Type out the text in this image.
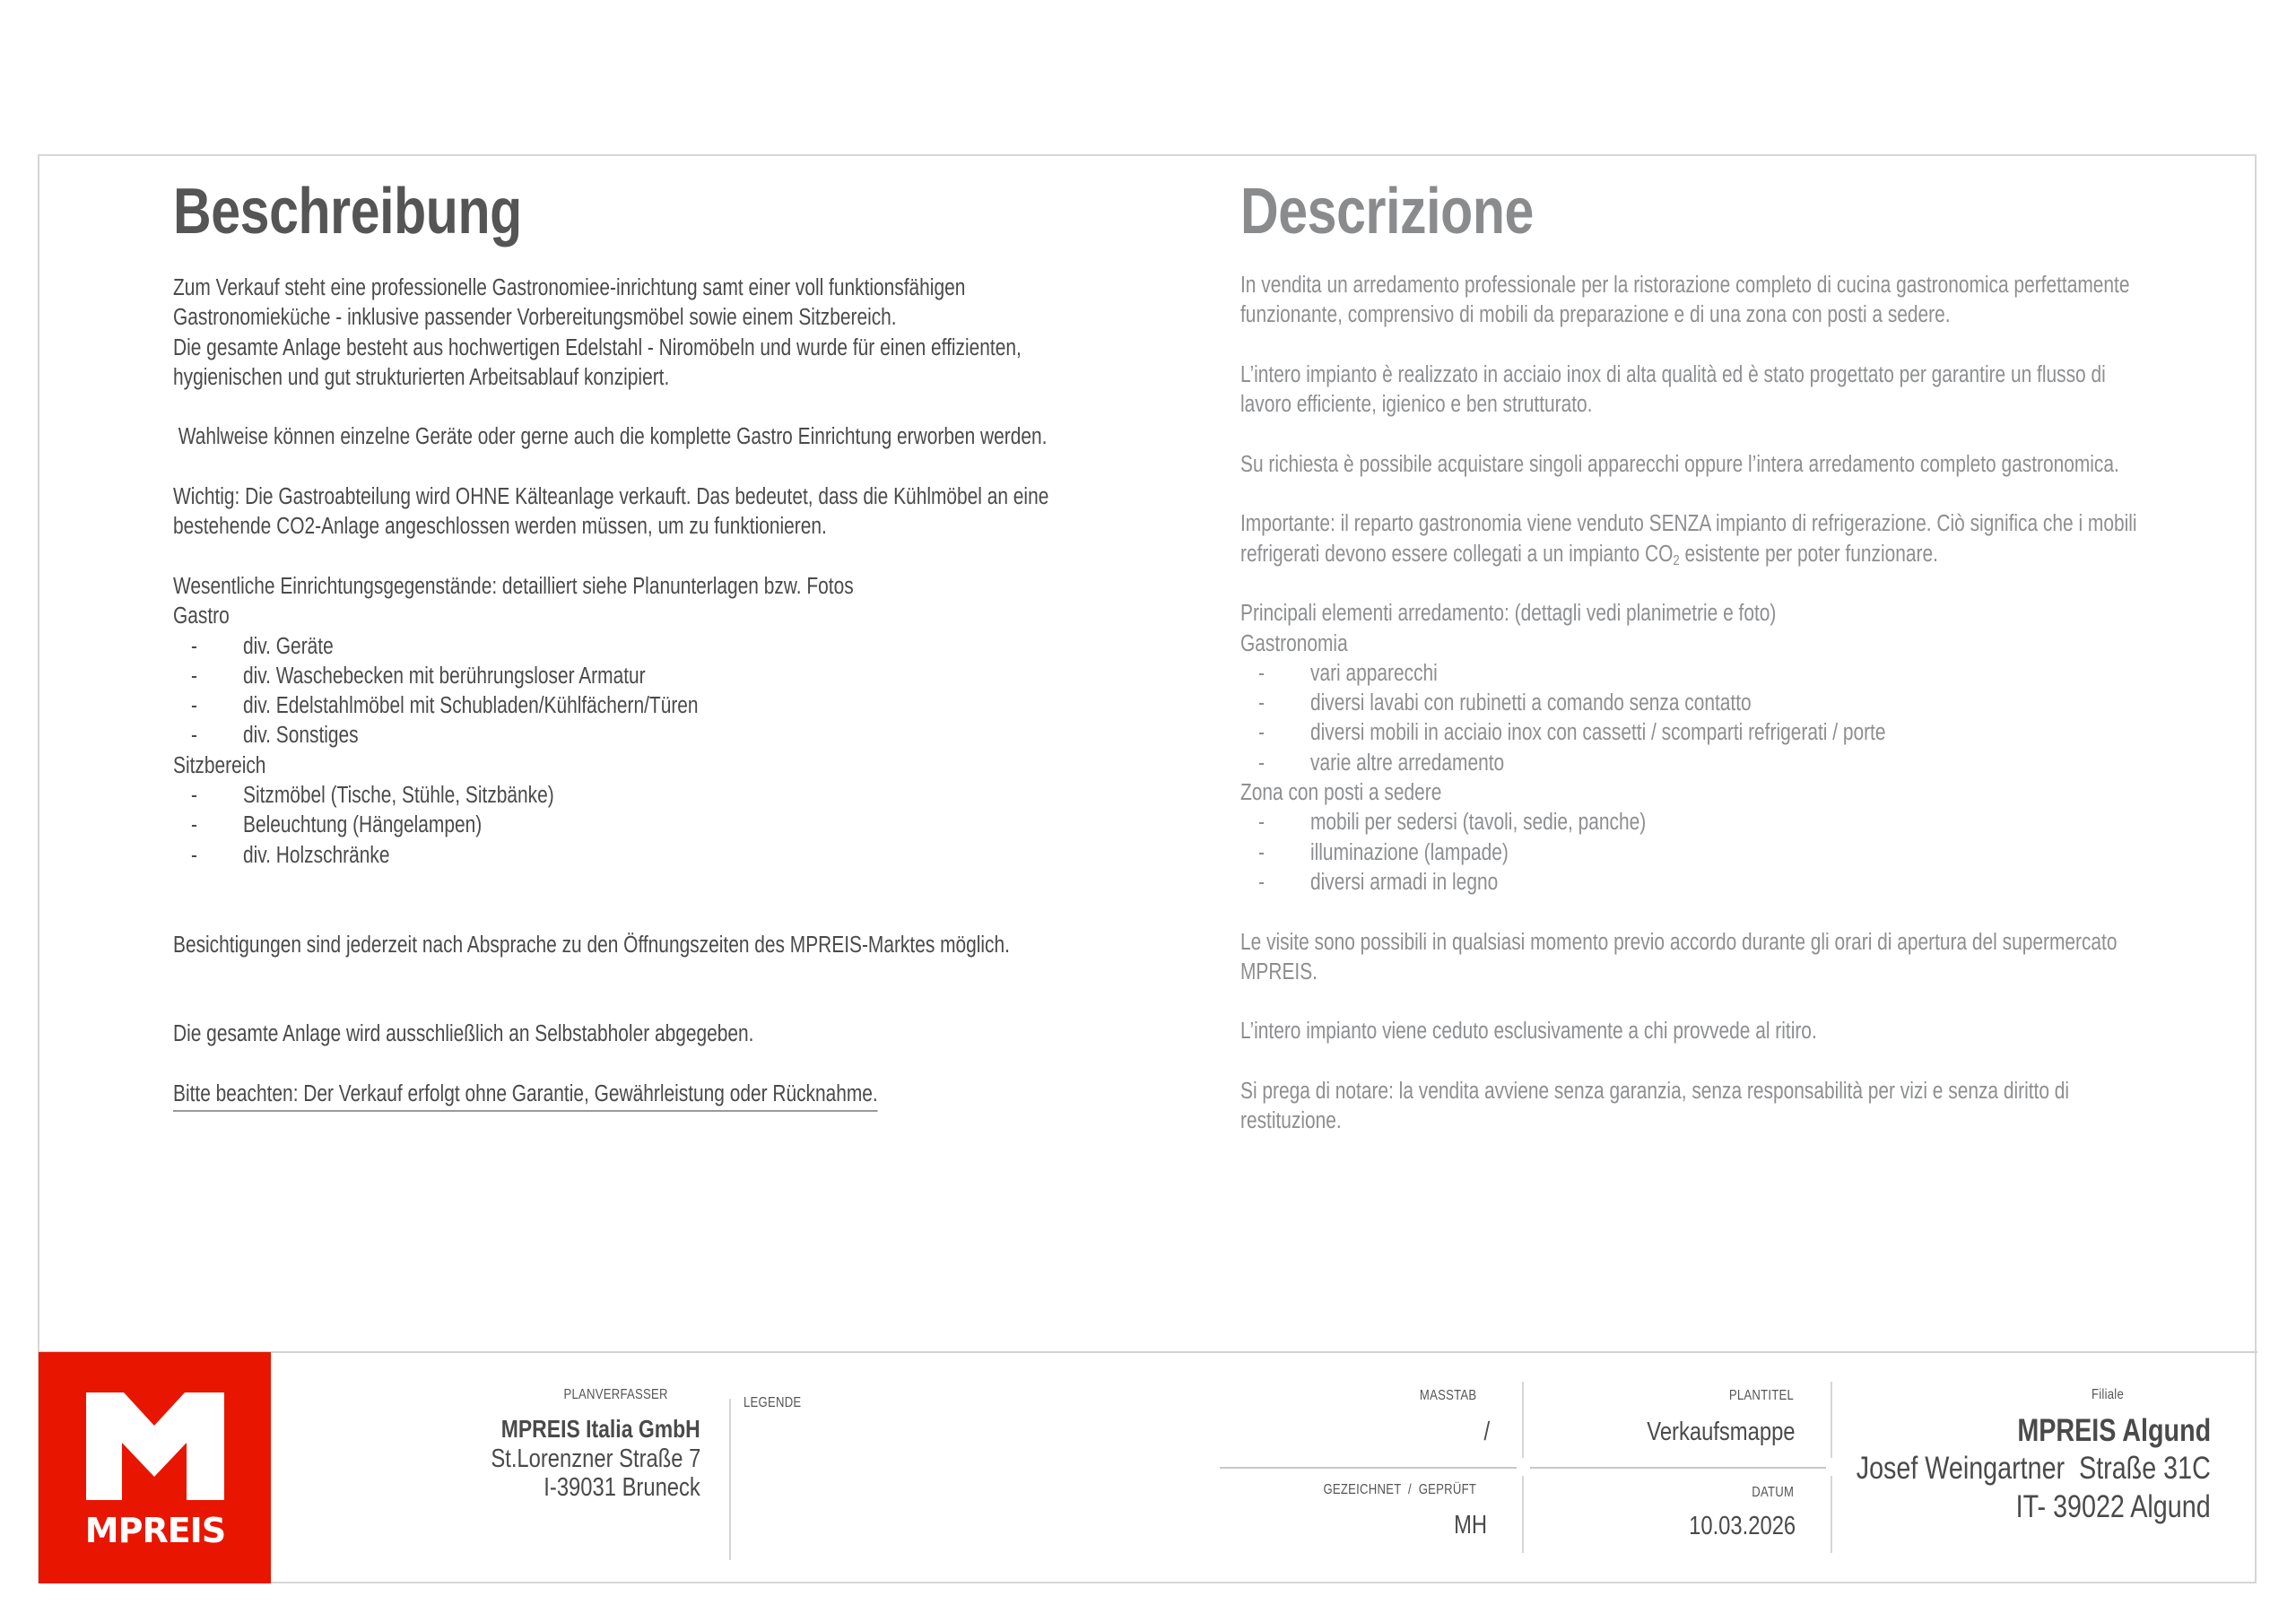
Beschreibung
Zum Verkauf steht eine professionelle Gastronomiee-inrichtung samt einer voll funktionsfähigen
Gastronomieküche - inklusive passender Vorbereitungsmöbel sowie einem Sitzbereich.
Die gesamte Anlage besteht aus hochwertigen Edelstahl - Niromöbeln und wurde für einen effizienten,
hygienischen und gut strukturierten Arbeitsablauf konzipiert.
Wahlweise können einzelne Geräte oder gerne auch die komplette Gastro Einrichtung erworben werden.
Wichtig: Die Gastroabteilung wird OHNE Kälteanlage verkauft. Das bedeutet, dass die Kühlmöbel an eine
bestehende CO2-Anlage angeschlossen werden müssen, um zu funktionieren.
Wesentliche Einrichtungsgegenstände: detailliert siehe Planunterlagen bzw. Fotos
Gastro
- div. Geräte
- div. Waschebecken mit berührungsloser Armatur
- div. Edelstahlmöbel mit Schubladen/Kühlfächern/Türen
- div. Sonstiges
Sitzbereich
- Sitzmöbel (Tische, Stühle, Sitzbänke)
- Beleuchtung (Hängelampen)
- div. Holzschränke
Besichtigungen sind jederzeit nach Absprache zu den Öffnungszeiten des MPREIS-Marktes möglich.
Die gesamte Anlage wird ausschließlich an Selbstabholer abgegeben.
Bitte beachten: Der Verkauf erfolgt ohne Garantie, Gewährleistung oder Rücknahme.
Descrizione
In vendita un arredamento professionale per la ristorazione completo di cucina gastronomica perfettamente
funzionante, comprensivo di mobili da preparazione e di una zona con posti a sedere.
L’intero impianto è realizzato in acciaio inox di alta qualità ed è stato progettato per garantire un flusso di
lavoro efficiente, igienico e ben strutturato.
Su richiesta è possibile acquistare singoli apparecchi oppure l’intera arredamento completo gastronomica.
Importante: il reparto gastronomia viene venduto SENZA impianto di refrigerazione. Ciò significa che i mobili
refrigerati devono essere collegati a un impianto $CO_2$ esistente per poter funzionare.
Principali elementi arredamento: (dettagli vedi planimetrie e foto)
Gastronomia
- vari apparecchi
- diversi lavabi con rubinetti a comando senza contatto
- diversi mobili in acciaio inox con cassetti / scomparti refrigerati / porte
- varie altre arredamento
Zona con posti a sedere
- mobili per sedersi (tavoli, sedie, panche)
- illuminazione (lampade)
- diversi armadi in legno
Le visite sono possibili in qualsiasi momento previo accordo durante gli orari di apertura del supermercato
MPREIS.
L’intero impianto viene ceduto esclusivamente a chi provvede al ritiro.
Si prega di notare: la vendita avviene senza garanzia, senza responsabilità per vizi e senza diritto di
restituzione.
MPREIS
PLANVERFASSER
MPREIS Italia GmbH
St.Lorenzner Straße 7
I-39031 Bruneck
LEGENDE	MASSTAB
/
GEZEICHNET  /  GEPRÜFT
MH
PLANTITEL
Verkaufsmappe
DATUM
10.03.2026
Filiale
MPREIS Algund
Josef Weingartner  Straße 31C
IT- 39022 Algund
